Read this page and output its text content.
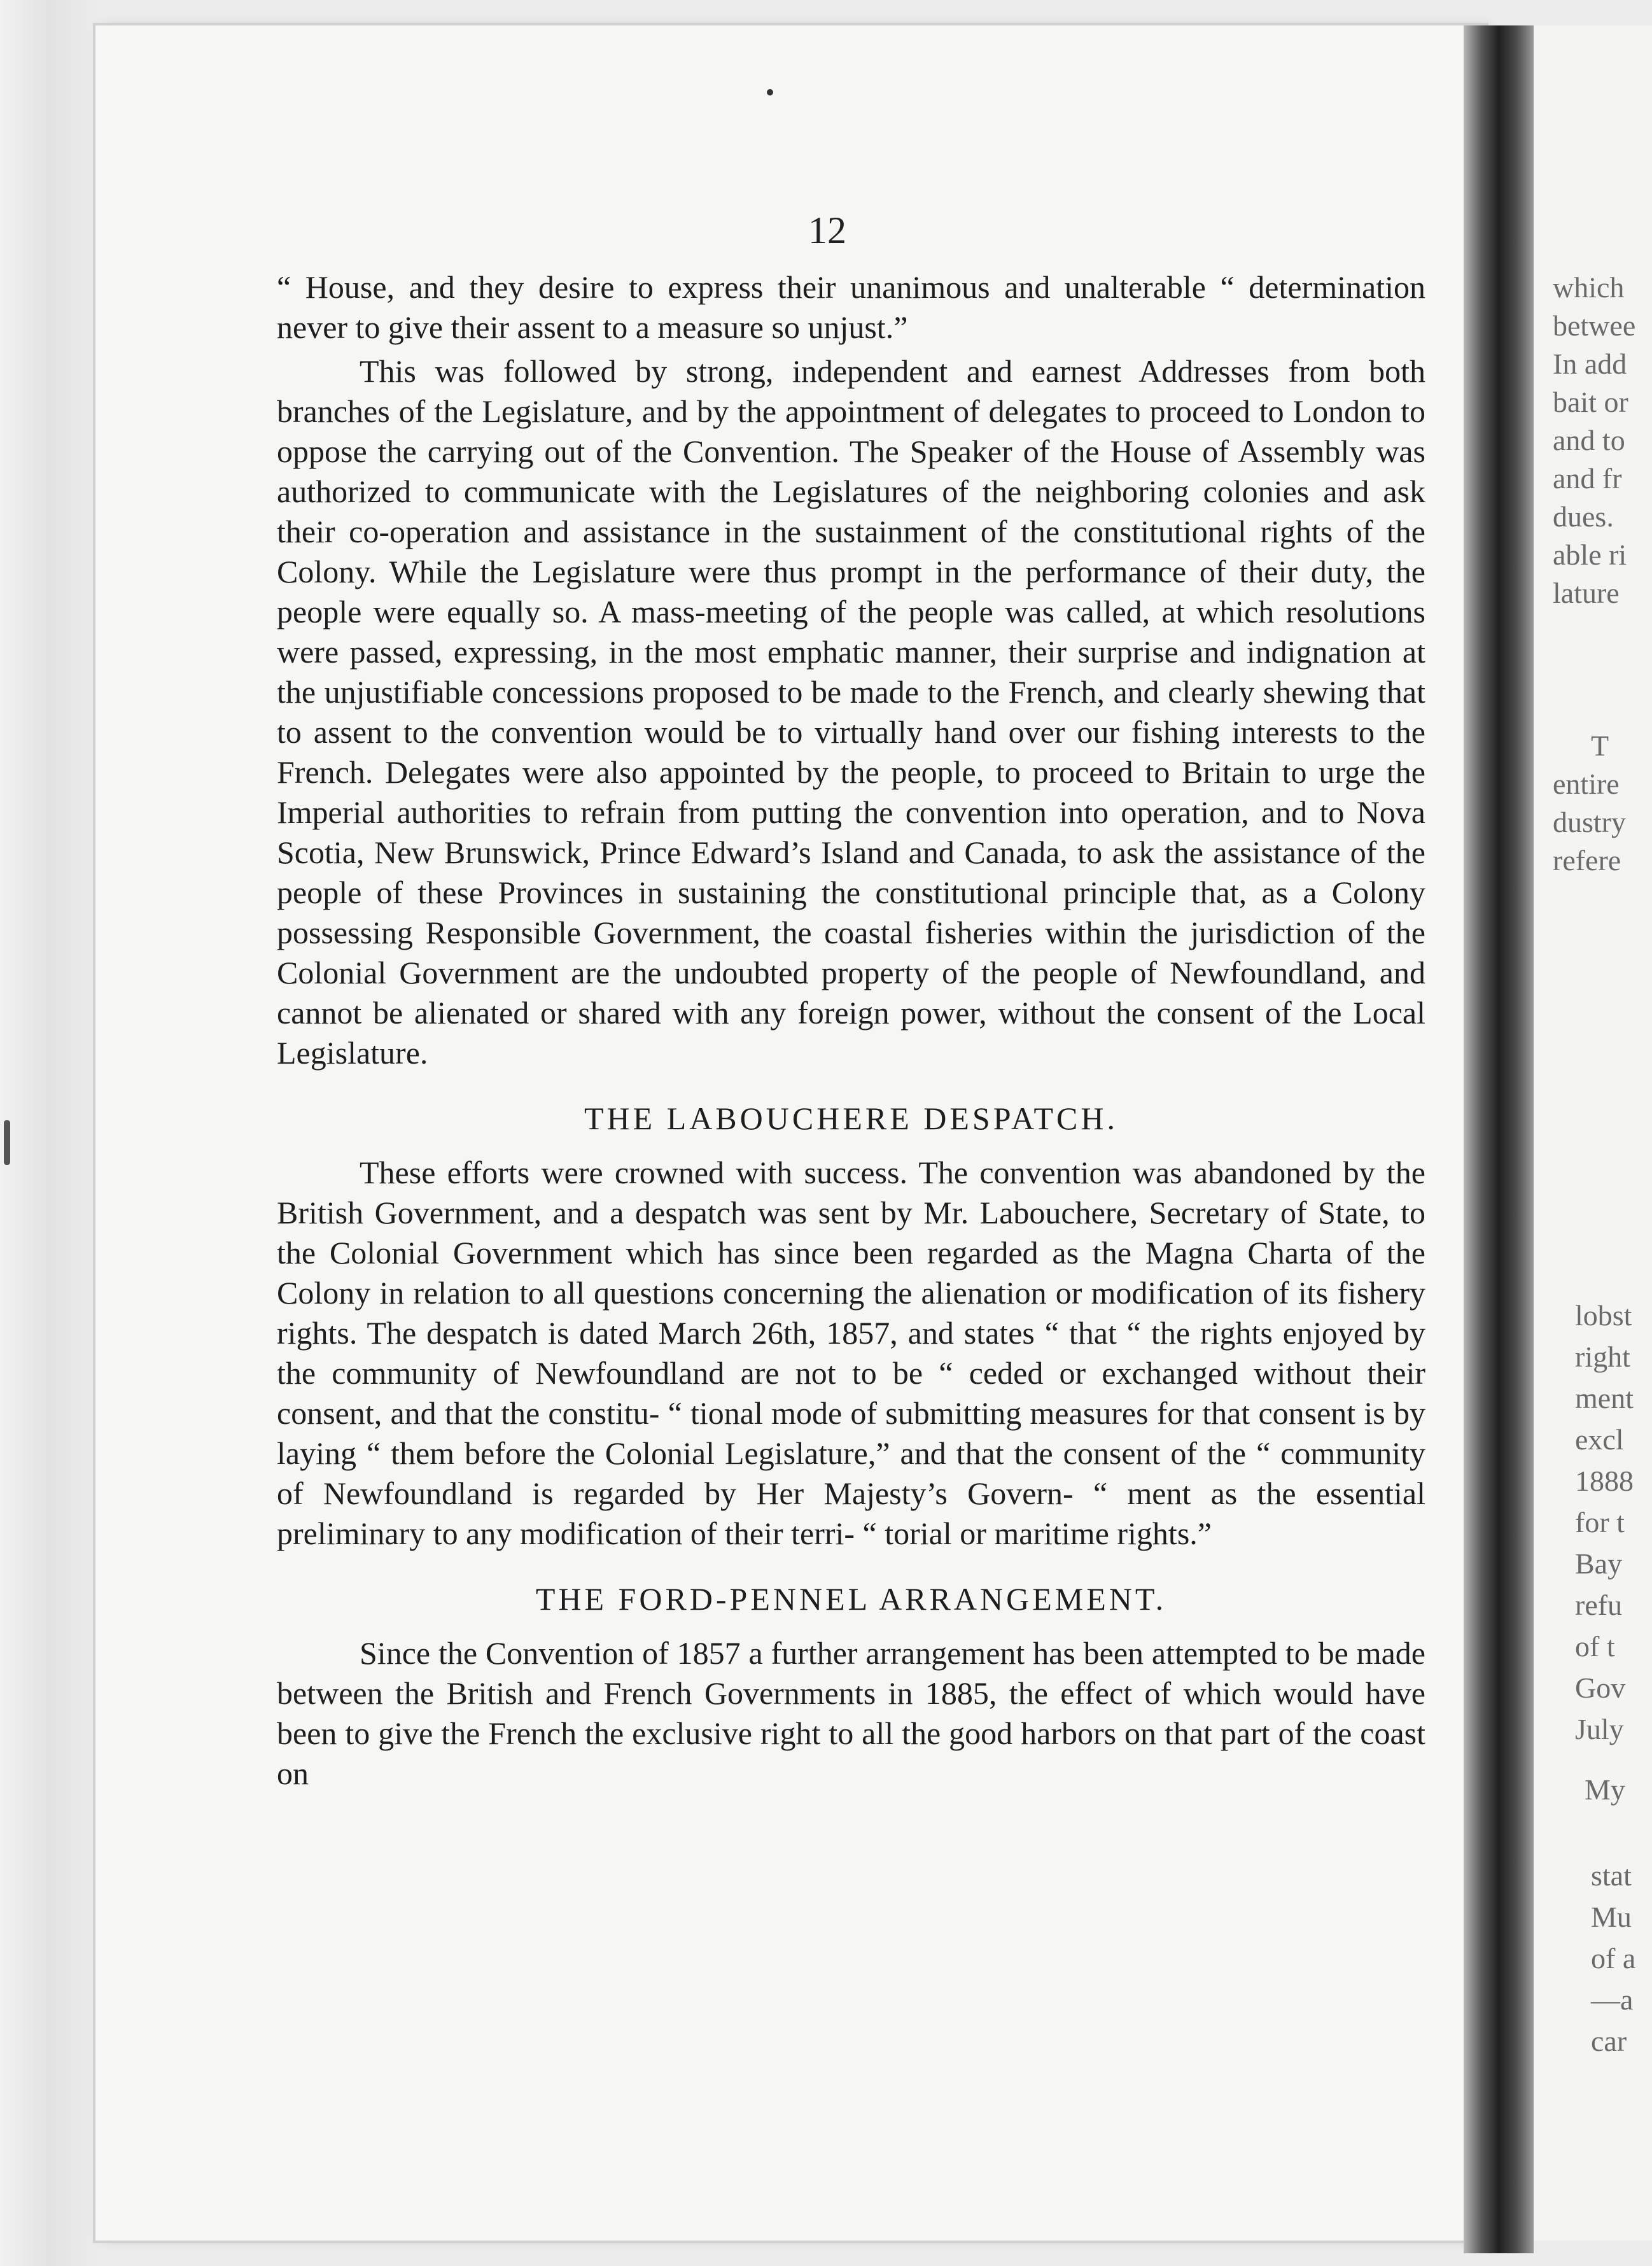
which
betwee
In add
bait or
and to
and fr
dues.
able ri
lature
T
entire
dustry
refere
lobst
right
ment
excl
1888
for t
Bay
refu
of t
Gov
July
My
stat
Mu
of a
—a
car
12

“ House, and they desire to express their unanimous and unalterable “ determination never to give their assent to a measure so unjust.”

This was followed by strong, independent and earnest Addresses from both branches of the Legislature, and by the appointment of delegates to proceed to London to oppose the carrying out of the Convention. The Speaker of the House of Assembly was authorized to communicate with the Legislatures of the neighboring colonies and ask their co-operation and assistance in the sustainment of the constitutional rights of the Colony. While the Legislature were thus prompt in the performance of their duty, the people were equally so. A mass-meeting of the people was called, at which resolutions were passed, expressing, in the most emphatic manner, their surprise and indignation at the unjustifiable concessions proposed to be made to the French, and clearly shewing that to assent to the convention would be to virtually hand over our fishing interests to the French. Delegates were also appointed by the people, to proceed to Britain to urge the Imperial authorities to refrain from putting the convention into operation, and to Nova Scotia, New Brunswick, Prince Edward’s Island and Canada, to ask the assistance of the people of these Provinces in sustaining the constitutional principle that, as a Colony possessing Responsible Government, the coastal fisheries within the jurisdiction of the Colonial Government are the undoubted property of the people of Newfoundland, and cannot be alienated or shared with any foreign power, without the consent of the Local Legislature.

THE LABOUCHERE DESPATCH.

These efforts were crowned with success. The convention was abandoned by the British Government, and a despatch was sent by Mr. Labouchere, Secretary of State, to the Colonial Government which has since been regarded as the Magna Charta of the Colony in relation to all questions concerning the alienation or modification of its fishery rights. The despatch is dated March 26th, 1857, and states “ that “ the rights enjoyed by the community of Newfoundland are not to be “ ceded or exchanged without their consent, and that the constitu- “ tional mode of submitting measures for that consent is by laying “ them before the Colonial Legislature,” and that the consent of the “ community of Newfoundland is regarded by Her Majesty’s Govern- “ ment as the essential preliminary to any modification of their terri- “ torial or maritime rights.”

THE FORD-PENNEL ARRANGEMENT.

Since the Convention of 1857 a further arrangement has been attempted to be made between the British and French Governments in 1885, the effect of which would have been to give the French the exclusive right to all the good harbors on that part of the coast on
